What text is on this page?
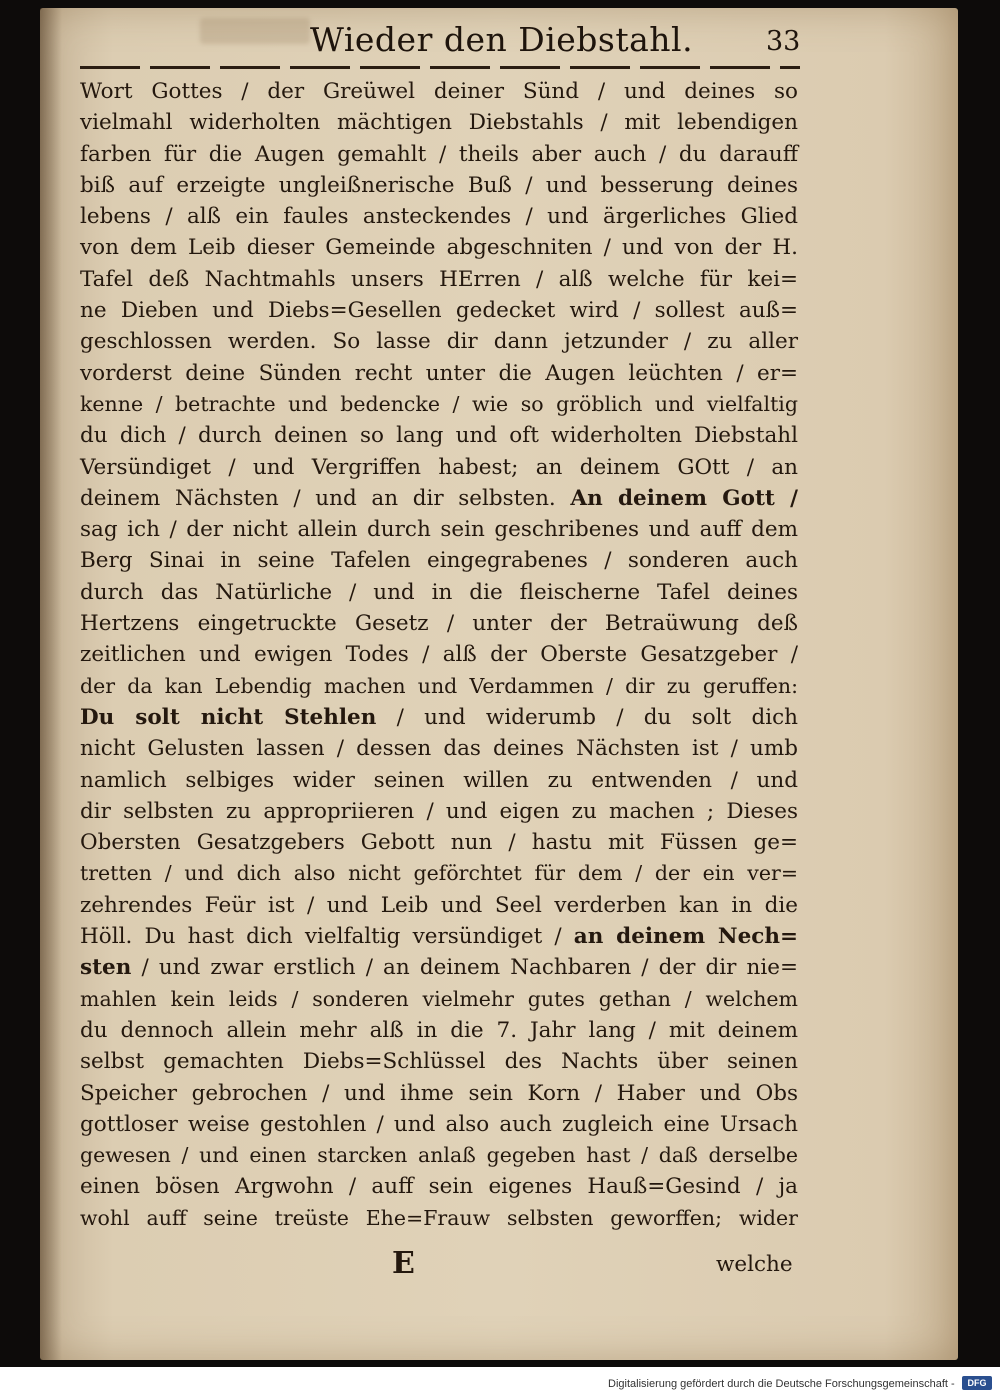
Wieder den Diebstahl.	33
Wort Gottes / der Greüwel deiner Sünd / und deines so
vielmahl widerholten mächtigen Diebstahls / mit lebendigen
farben für die Augen gemahlt / theils aber auch / du darauff
biß auf erzeigte ungleißnerische Buß / und besserung deines
lebens / alß ein faules ansteckendes / und ärgerliches Glied
von dem Leib dieser Gemeinde abgeschniten / und von der H.
Tafel deß Nachtmahls unsers HErren / alß welche für kei=
ne Dieben und Diebs=Gesellen gedecket wird / sollest auß=
geschlossen werden. So lasse dir dann jetzunder / zu aller
vorderst deine Sünden recht unter die Augen leüchten / er=
kenne / betrachte und bedencke / wie so gröblich und vielfaltig
du dich / durch deinen so lang und oft widerholten Diebstahl
Versündiget / und Vergriffen habest; an deinem GOtt / an
deinem Nächsten / und an dir selbsten. An deinem Gott /
sag ich / der nicht allein durch sein geschribenes und auff dem
Berg Sinai in seine Tafelen eingegrabenes / sonderen auch
durch das Natürliche / und in die fleischerne Tafel deines
Hertzens eingetruckte Gesetz / unter der Betraüwung deß
zeitlichen und ewigen Todes / alß der Oberste Gesatzgeber /
der da kan Lebendig machen und Verdammen / dir zu geruffen:
Du solt nicht Stehlen / und widerumb / du solt dich
nicht Gelusten lassen / dessen das deines Nächsten ist / umb
namlich selbiges wider seinen willen zu entwenden / und
dir selbsten zu appropriieren / und eigen zu machen ; Dieses
Obersten Gesatzgebers Gebott nun / hastu mit Füssen ge=
tretten / und dich also nicht geförchtet für dem / der ein ver=
zehrendes Feür ist / und Leib und Seel verderben kan in die
Höll. Du hast dich vielfaltig versündiget / an deinem Nech=
sten / und zwar erstlich / an deinem Nachbaren / der dir nie=
mahlen kein leids / sonderen vielmehr gutes gethan / welchem
du dennoch allein mehr alß in die 7. Jahr lang / mit deinem
selbst gemachten Diebs=Schlüssel des Nachts über seinen
Speicher gebrochen / und ihme sein Korn / Haber und Obs
gottloser weise gestohlen / und also auch zugleich eine Ursach
gewesen / und einen starcken anlaß gegeben hast / daß derselbe
einen bösen Argwohn / auff sein eigenes Hauß=Gesind / ja
wohl auff seine treüste Ehe=Frauw selbsten geworffen; wider
E	welche
Digitalisierung gefördert durch die Deutsche Forschungsgemeinschaft -	DFG
